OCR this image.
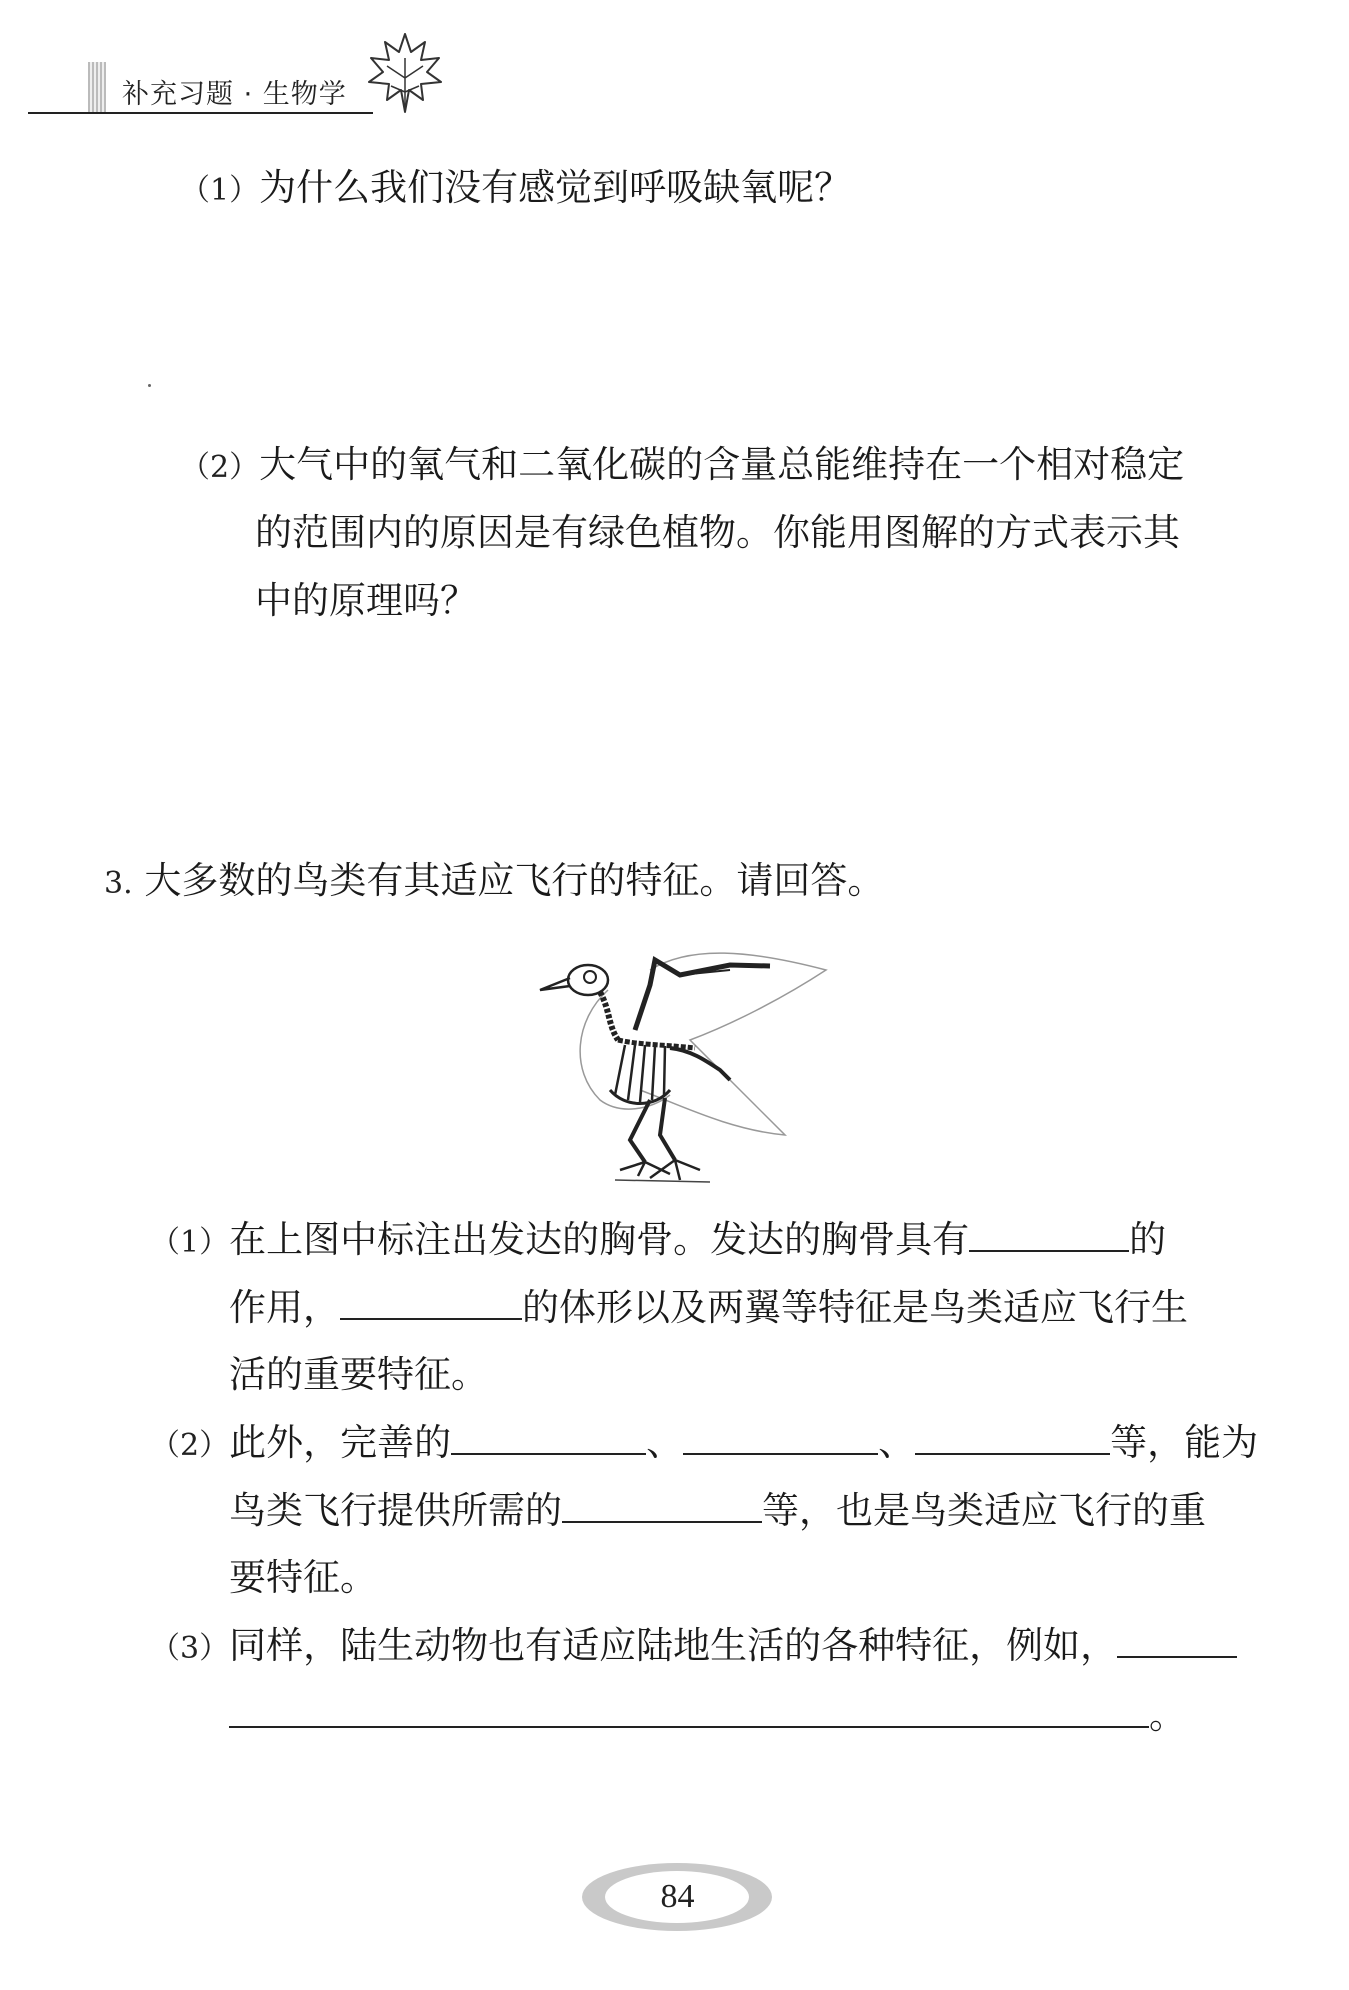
补充习题 · 生物学
（1）为什么我们没有感觉到呼吸缺氧呢？
（2）大气中的氧气和二氧化碳的含量总能维持在一个相对稳定
的范围内的原因是有绿色植物。你能用图解的方式表示其
中的原理吗？
3. 大多数的鸟类有其适应飞行的特征。请回答。
（1）在上图中标注出发达的胸骨。发达的胸骨具有	的
作用，	的体形以及两翼等特征是鸟类适应飞行生
活的重要特征。
（2）此外，完善的	、	、	等，能为
鸟类飞行提供所需的	等，也是鸟类适应飞行的重
要特征。
（3）同样，陆生动物也有适应陆地生活的各种特征，例如，
。
84
